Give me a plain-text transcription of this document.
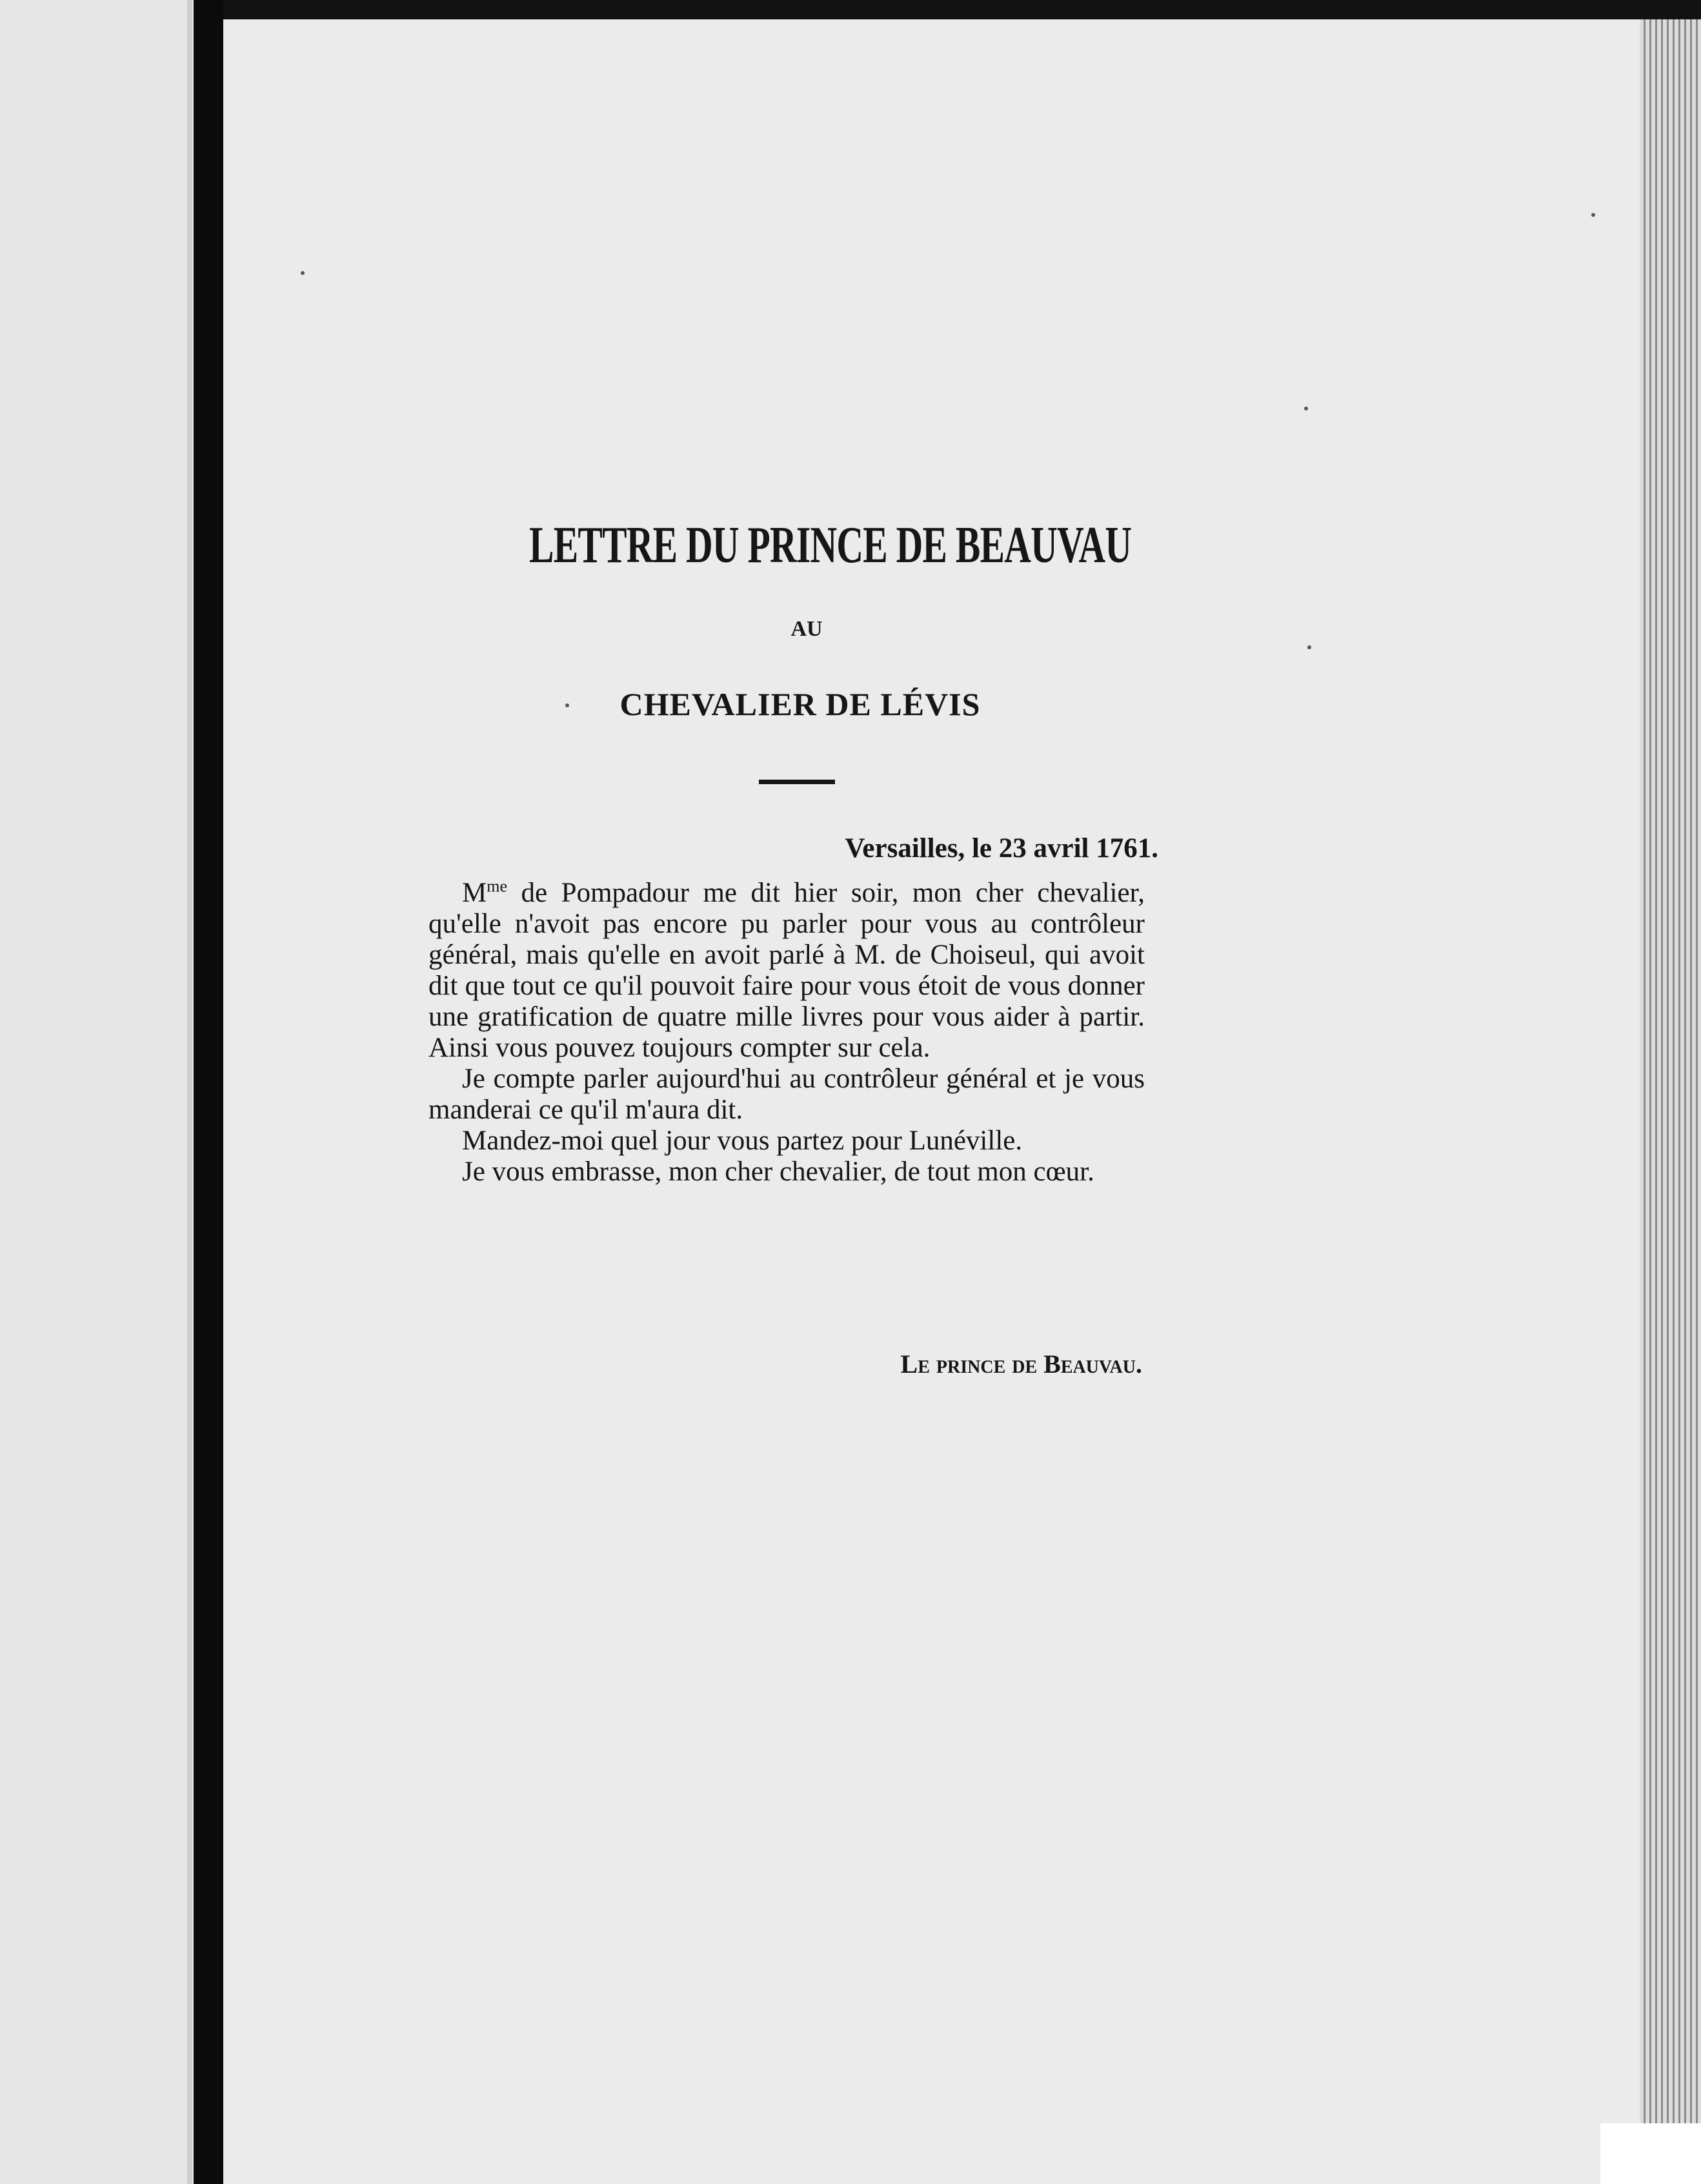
LETTRE DU PRINCE DE BEAUVAU
AU
CHEVALIER DE LÉVIS
Versailles, le 23 avril 1761.

$M^{me}$ de Pompadour me dit hier soir, mon cher chevalier, qu'elle n'avoit pas encore pu parler pour vous au contrôleur général, mais qu'elle en avoit parlé à M. de Choiseul, qui avoit dit que tout ce qu'il pouvoit faire pour vous étoit de vous donner une gratification de quatre mille livres pour vous aider à partir. Ainsi vous pouvez toujours compter sur cela.

Je compte parler aujourd'hui au contrôleur général et je vous manderai ce qu'il m'aura dit.

Mandez-moi quel jour vous partez pour Lunéville.

Je vous embrasse, mon cher chevalier, de tout mon cœur.

Le prince de Beauvau.
